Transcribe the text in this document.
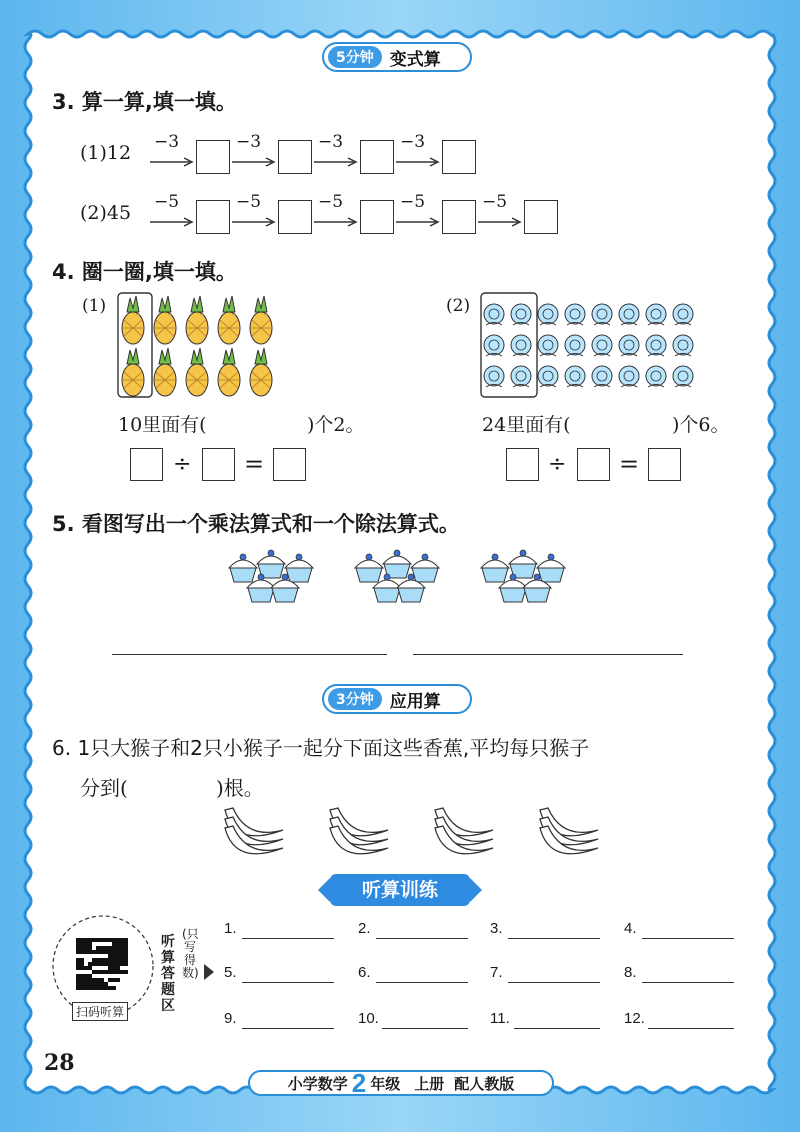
5分钟 变式算
3. 算一算,填一填。
(1)12 −3	−3	−3	−3
(2)45 −5	−5	−5	−5	−5
4. 圈一圈,填一填。
(1)	(2)
10里面有(	)个2。	24里面有(	)个6。
÷ =	÷ =
5. 看图写出一个乘法算式和一个除法算式。
3分钟 应用算
6. 1只大猴子和2只小猴子一起分下面这些香蕉,平均每只猴子
分到(	)根。
听算训练
扫码听算
听算答题区
(只写得数)
1.	2.	3.	4.
5.	6.	7.	8.
9.	10.	11.	12.
28
小学数学 2 年级 上册 配人教版
